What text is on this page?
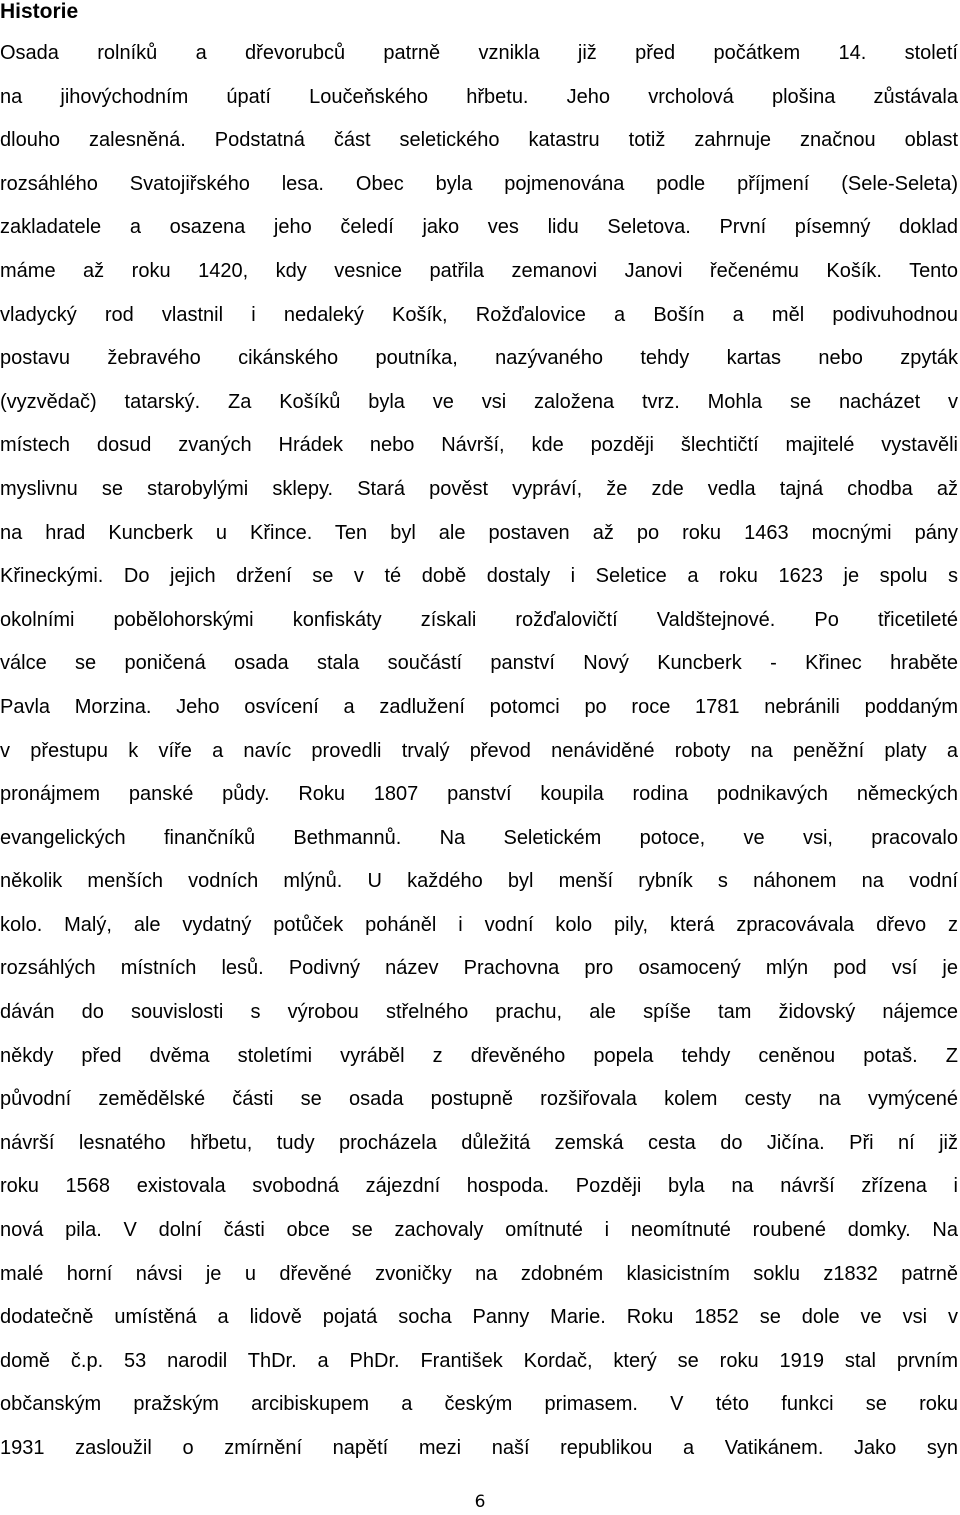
Historie
Osada rolníků a dřevorubců patrně vznikla již před počátkem 14. století
na jihovýchodním úpatí Loučeňského hřbetu. Jeho vrcholová plošina zůstávala
dlouho zalesněná. Podstatná část seletického katastru totiž zahrnuje značnou oblast
rozsáhlého Svatojiřského lesa. Obec byla pojmenována podle příjmení (Sele-Seleta)
zakladatele a osazena jeho čeledí jako ves lidu Seletova. První písemný doklad
máme až roku 1420, kdy vesnice patřila zemanovi Janovi řečenému Košík. Tento
vladycký rod vlastnil i nedaleký Košík, Rožďalovice a Bošín a měl podivuhodnou
postavu žebravého cikánského poutníka, nazývaného tehdy kartas nebo zpyták
(vyzvědač) tatarský. Za Košíků byla ve vsi založena tvrz. Mohla se nacházet v
místech dosud zvaných Hrádek nebo Návrší, kde později šlechtičtí majitelé vystavěli
myslivnu se starobylými sklepy. Stará pověst vypráví, že zde vedla tajná chodba až
na hrad Kuncberk u Křince. Ten byl ale postaven až po roku 1463 mocnými pány
Křineckými. Do jejich držení se v té době dostaly i Seletice a roku 1623 je spolu s
okolními pobělohorskými konfiskáty získali rožďalovičtí Valdštejnové. Po třicetileté
válce se poničená osada stala součástí panství Nový Kuncberk - Křinec hraběte
Pavla Morzina. Jeho osvícení a zadlužení potomci po roce 1781 nebránili poddaným
v přestupu k víře a navíc provedli trvalý převod nenáviděné roboty na peněžní platy a
pronájmem panské půdy. Roku 1807 panství koupila rodina podnikavých německých
evangelických finančníků Bethmannů. Na Seletickém potoce, ve vsi, pracovalo
několik menších vodních mlýnů. U každého byl menší rybník s náhonem na vodní
kolo. Malý, ale vydatný potůček poháněl i vodní kolo pily, která zpracovávala dřevo z
rozsáhlých místních lesů. Podivný název Prachovna pro osamocený mlýn pod vsí je
dáván do souvislosti s výrobou střelného prachu, ale spíše tam židovský nájemce
někdy před dvěma stoletími vyráběl z dřevěného popela tehdy ceněnou potaš. Z
původní zemědělské části se osada postupně rozšiřovala kolem cesty na vymýcené
návrší lesnatého hřbetu, tudy procházela důležitá zemská cesta do Jičína. Při ní již
roku 1568 existovala svobodná zájezdní hospoda. Později byla na návrší zřízena i
nová pila. V dolní části obce se zachovaly omítnuté i neomítnuté roubené domky. Na
malé horní návsi je u dřevěné zvoničky na zdobném klasicistním soklu z1832 patrně
dodatečně umístěná a lidově pojatá socha Panny Marie. Roku 1852 se dole ve vsi v
domě č.p. 53 narodil ThDr. a PhDr. František Kordač, který se roku 1919 stal prvním
občanským pražským arcibiskupem a českým primasem. V této funkci se roku
1931 zasloužil o zmírnění napětí mezi naší republikou a Vatikánem. Jako syn
6
